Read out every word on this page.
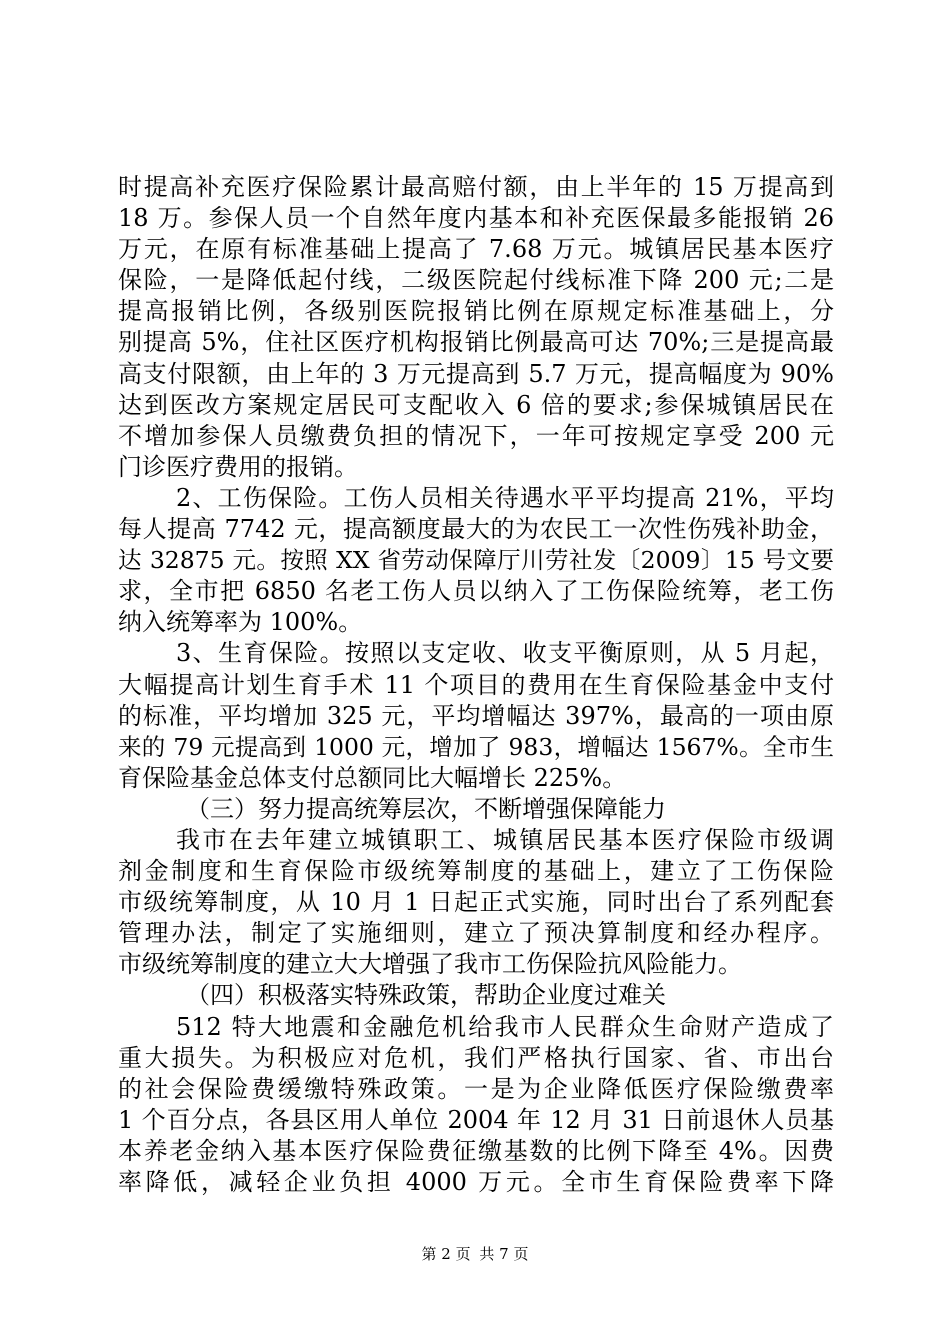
时提高补充医疗保险累计最高赔付额，由上半年的 15 万提高到
18 万。参保人员一个自然年度内基本和补充医保最多能报销 26
万元，在原有标准基础上提高了 7.68 万元。城镇居民基本医疗
保险，一是降低起付线，二级医院起付线标准下降 200 元;二是
提高报销比例，各级别医院报销比例在原规定标准基础上，分
别提高 5%，住社区医疗机构报销比例最高可达 70%;三是提高最
高支付限额，由上年的 3 万元提高到 5.7 万元，提高幅度为 90%
达到医改方案规定居民可支配收入 6 倍的要求;参保城镇居民在
不增加参保人员缴费负担的情况下，一年可按规定享受 200 元
门诊医疗费用的报销。
2、工伤保险。工伤人员相关待遇水平平均提高 21%，平均
每人提高 7742 元，提高额度最大的为农民工一次性伤残补助金，
达 32875 元。按照 XX 省劳动保障厅川劳社发〔2009〕15 号文要
求，全市把 6850 名老工伤人员以纳入了工伤保险统筹，老工伤
纳入统筹率为 100%。
3、生育保险。按照以支定收、收支平衡原则，从 5 月起，
大幅提高计划生育手术 11 个项目的费用在生育保险基金中支付
的标准，平均增加 325 元，平均增幅达 397%，最高的一项由原
来的 79 元提高到 1000 元，增加了 983，增幅达 1567%。全市生
育保险基金总体支付总额同比大幅增长 225%。
（三）努力提高统筹层次，不断增强保障能力
我市在去年建立城镇职工、城镇居民基本医疗保险市级调
剂金制度和生育保险市级统筹制度的基础上，建立了工伤保险
市级统筹制度，从 10 月 1 日起正式实施，同时出台了系列配套
管理办法，制定了实施细则，建立了预决算制度和经办程序。
市级统筹制度的建立大大增强了我市工伤保险抗风险能力。
（四）积极落实特殊政策，帮助企业度过难关
512 特大地震和金融危机给我市人民群众生命财产造成了
重大损失。为积极应对危机，我们严格执行国家、省、市出台
的社会保险费缓缴特殊政策。一是为企业降低医疗保险缴费率
1 个百分点，各县区用人单位 2004 年 12 月 31 日前退休人员基
本养老金纳入基本医疗保险费征缴基数的比例下降至 4%。因费
率降低，减轻企业负担 4000 万元。全市生育保险费率下降
第 2 页 共 7 页
